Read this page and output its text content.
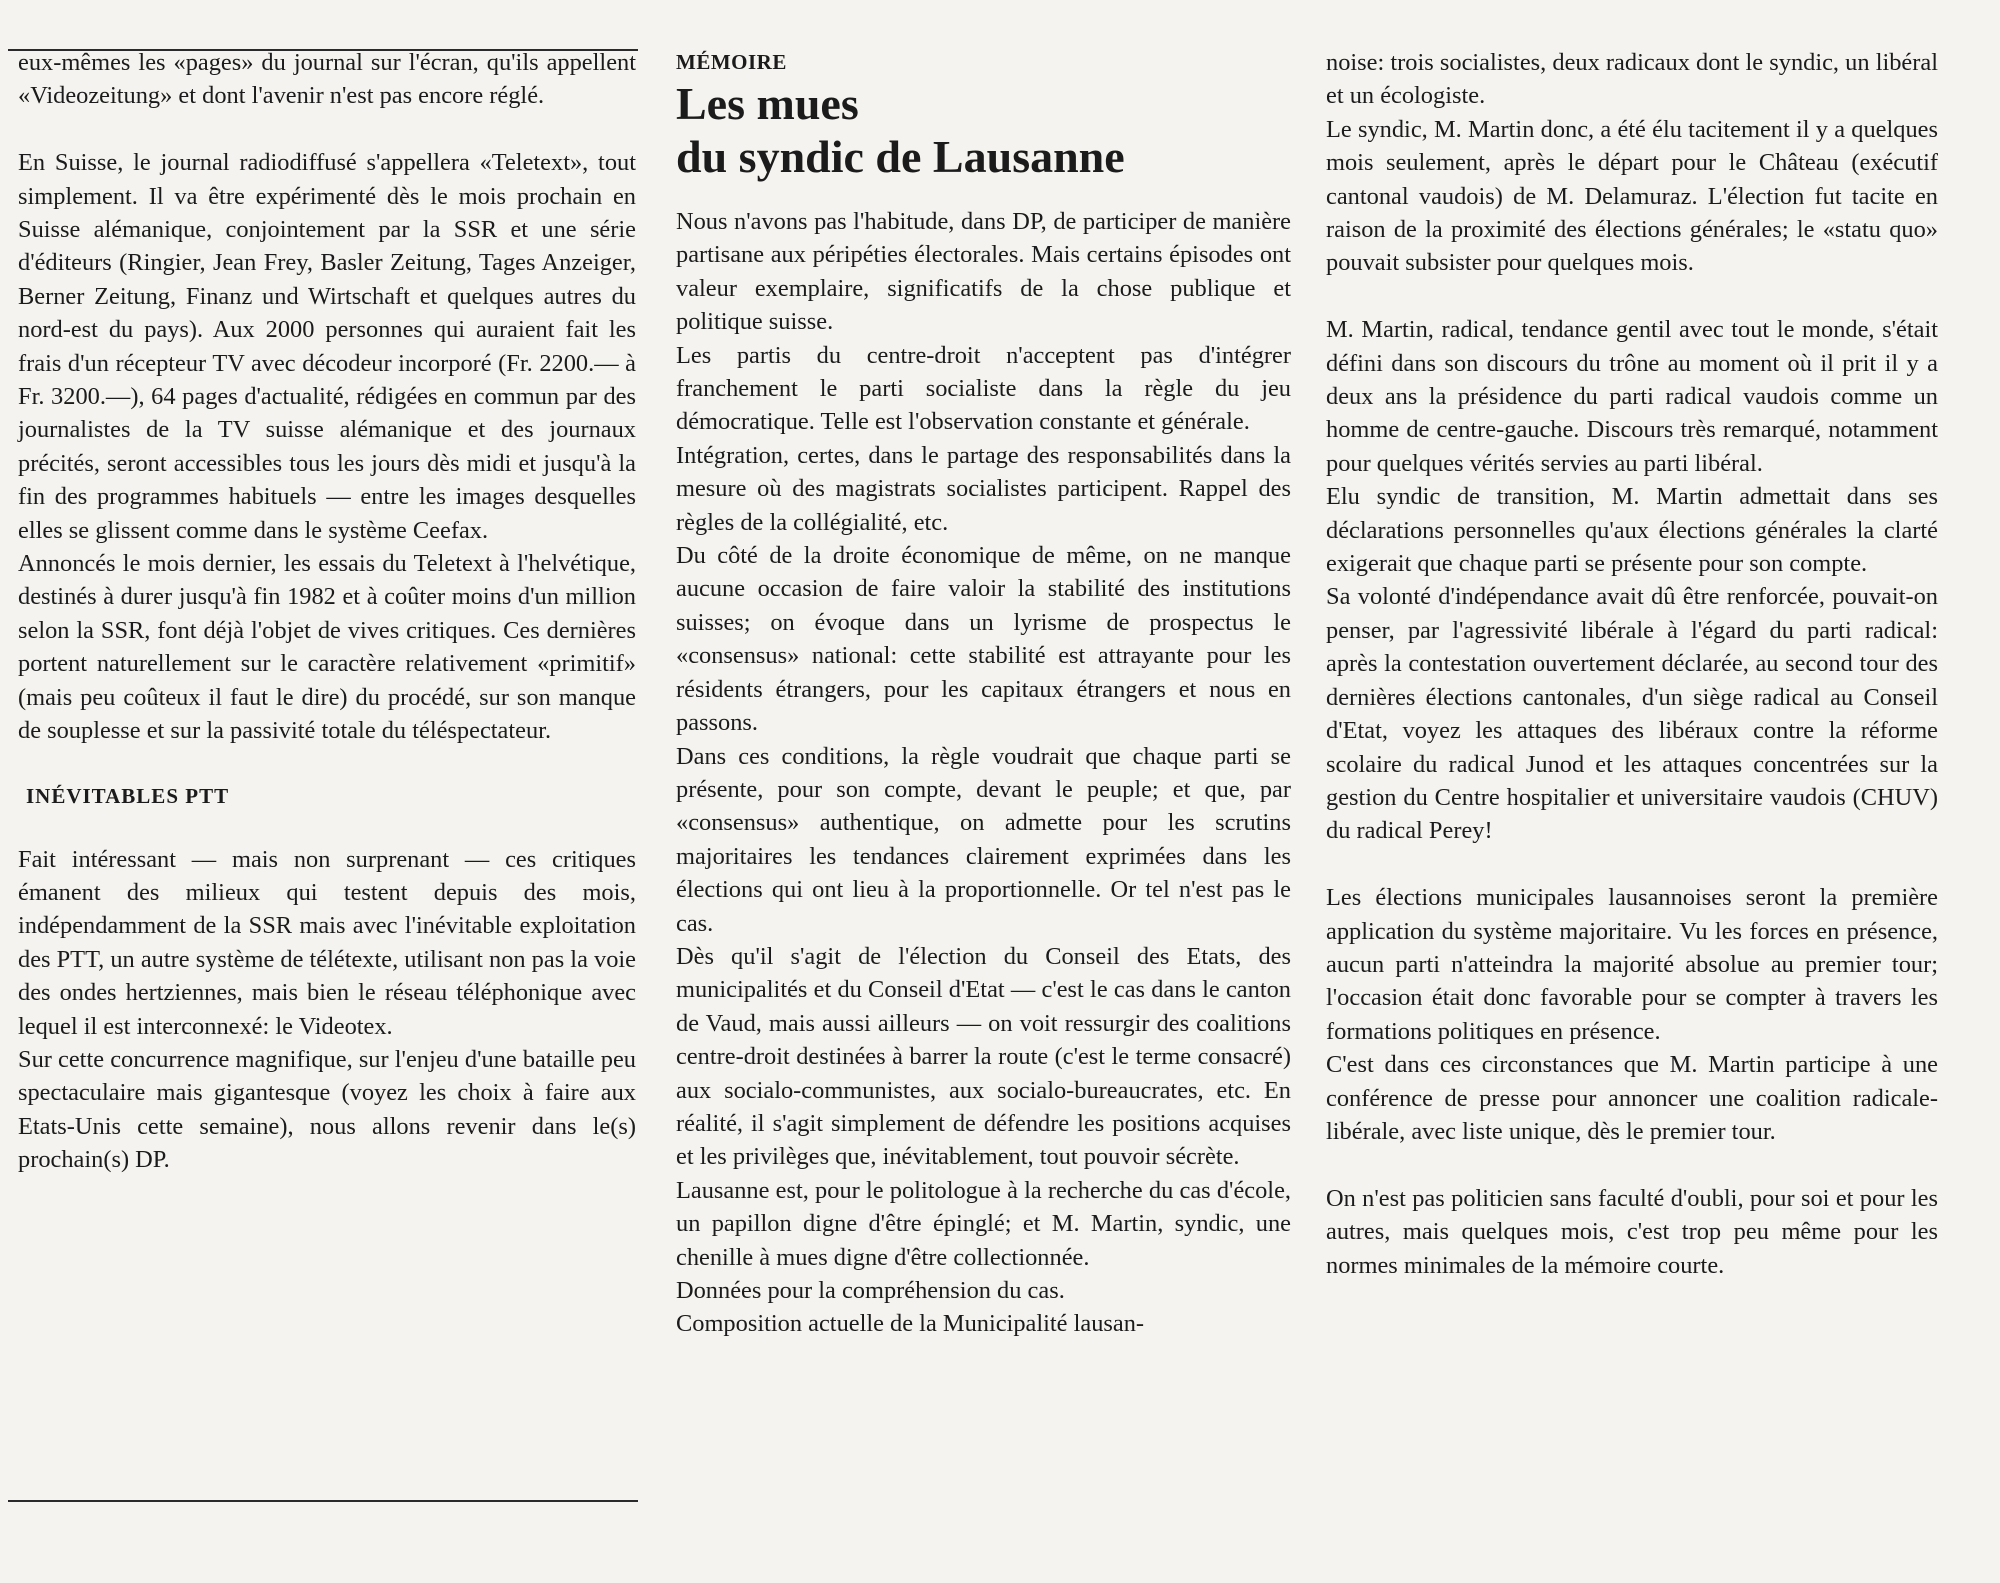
eux-mêmes les «pages» du journal sur l'écran, qu'ils appellent «Videozeitung» et dont l'avenir n'est pas encore réglé.

En Suisse, le journal radiodiffusé s'appellera «Teletext», tout simplement. Il va être expérimenté dès le mois prochain en Suisse alémanique, conjointement par la SSR et une série d'éditeurs (Ringier, Jean Frey, Basler Zeitung, Tages Anzeiger, Berner Zeitung, Finanz und Wirtschaft et quelques autres du nord-est du pays). Aux 2000 personnes qui auraient fait les frais d'un récepteur TV avec décodeur incorporé (Fr. 2200.— à Fr. 3200.—), 64 pages d'actualité, rédigées en commun par des journalistes de la TV suisse alémanique et des journaux précités, seront accessibles tous les jours dès midi et jusqu'à la fin des programmes habituels — entre les images desquelles elles se glissent comme dans le système Ceefax.

Annoncés le mois dernier, les essais du Teletext à l'helvétique, destinés à durer jusqu'à fin 1982 et à coûter moins d'un million selon la SSR, font déjà l'objet de vives critiques. Ces dernières portent naturellement sur le caractère relativement «primitif» (mais peu coûteux il faut le dire) du procédé, sur son manque de souplesse et sur la passivité totale du téléspectateur.

INÉVITABLES PTT

Fait intéressant — mais non surprenant — ces critiques émanent des milieux qui testent depuis des mois, indépendamment de la SSR mais avec l'inévitable exploitation des PTT, un autre système de télétexte, utilisant non pas la voie des ondes hertziennes, mais bien le réseau téléphonique avec lequel il est interconnexé: le Videotex.

Sur cette concurrence magnifique, sur l'enjeu d'une bataille peu spectaculaire mais gigantesque (voyez les choix à faire aux Etats-Unis cette semaine), nous allons revenir dans le(s) prochain(s) DP.

MÉMOIRE
Les mues
du syndic de Lausanne

Nous n'avons pas l'habitude, dans DP, de participer de manière partisane aux péripéties électorales. Mais certains épisodes ont valeur exemplaire, significatifs de la chose publique et politique suisse.

Les partis du centre-droit n'acceptent pas d'intégrer franchement le parti socialiste dans la règle du jeu démocratique. Telle est l'observation constante et générale.

Intégration, certes, dans le partage des responsabilités dans la mesure où des magistrats socialistes participent. Rappel des règles de la collégialité, etc.

Du côté de la droite économique de même, on ne manque aucune occasion de faire valoir la stabilité des institutions suisses; on évoque dans un lyrisme de prospectus le «consensus» national: cette stabilité est attrayante pour les résidents étrangers, pour les capitaux étrangers et nous en passons.

Dans ces conditions, la règle voudrait que chaque parti se présente, pour son compte, devant le peuple; et que, par «consensus» authentique, on admette pour les scrutins majoritaires les tendances clairement exprimées dans les élections qui ont lieu à la proportionnelle. Or tel n'est pas le cas.

Dès qu'il s'agit de l'élection du Conseil des Etats, des municipalités et du Conseil d'Etat — c'est le cas dans le canton de Vaud, mais aussi ailleurs — on voit ressurgir des coalitions centre-droit destinées à barrer la route (c'est le terme consacré) aux socialo-communistes, aux socialo-bureaucrates, etc. En réalité, il s'agit simplement de défendre les positions acquises et les privilèges que, inévitablement, tout pouvoir sécrète.

Lausanne est, pour le politologue à la recherche du cas d'école, un papillon digne d'être épinglé; et M. Martin, syndic, une chenille à mues digne d'être collectionnée.

Données pour la compréhension du cas.

Composition actuelle de la Municipalité lausan-

noise: trois socialistes, deux radicaux dont le syndic, un libéral et un écologiste.

Le syndic, M. Martin donc, a été élu tacitement il y a quelques mois seulement, après le départ pour le Château (exécutif cantonal vaudois) de M. Delamuraz. L'élection fut tacite en raison de la proximité des élections générales; le «statu quo» pouvait subsister pour quelques mois.

M. Martin, radical, tendance gentil avec tout le monde, s'était défini dans son discours du trône au moment où il prit il y a deux ans la présidence du parti radical vaudois comme un homme de centre-gauche. Discours très remarqué, notamment pour quelques vérités servies au parti libéral.

Elu syndic de transition, M. Martin admettait dans ses déclarations personnelles qu'aux élections générales la clarté exigerait que chaque parti se présente pour son compte.

Sa volonté d'indépendance avait dû être renforcée, pouvait-on penser, par l'agressivité libérale à l'égard du parti radical: après la contestation ouvertement déclarée, au second tour des dernières élections cantonales, d'un siège radical au Conseil d'Etat, voyez les attaques des libéraux contre la réforme scolaire du radical Junod et les attaques concentrées sur la gestion du Centre hospitalier et universitaire vaudois (CHUV) du radical Perey!

Les élections municipales lausannoises seront la première application du système majoritaire. Vu les forces en présence, aucun parti n'atteindra la majorité absolue au premier tour; l'occasion était donc favorable pour se compter à travers les formations politiques en présence.

C'est dans ces circonstances que M. Martin participe à une conférence de presse pour annoncer une coalition radicale-libérale, avec liste unique, dès le premier tour.

On n'est pas politicien sans faculté d'oubli, pour soi et pour les autres, mais quelques mois, c'est trop peu même pour les normes minimales de la mémoire courte.
